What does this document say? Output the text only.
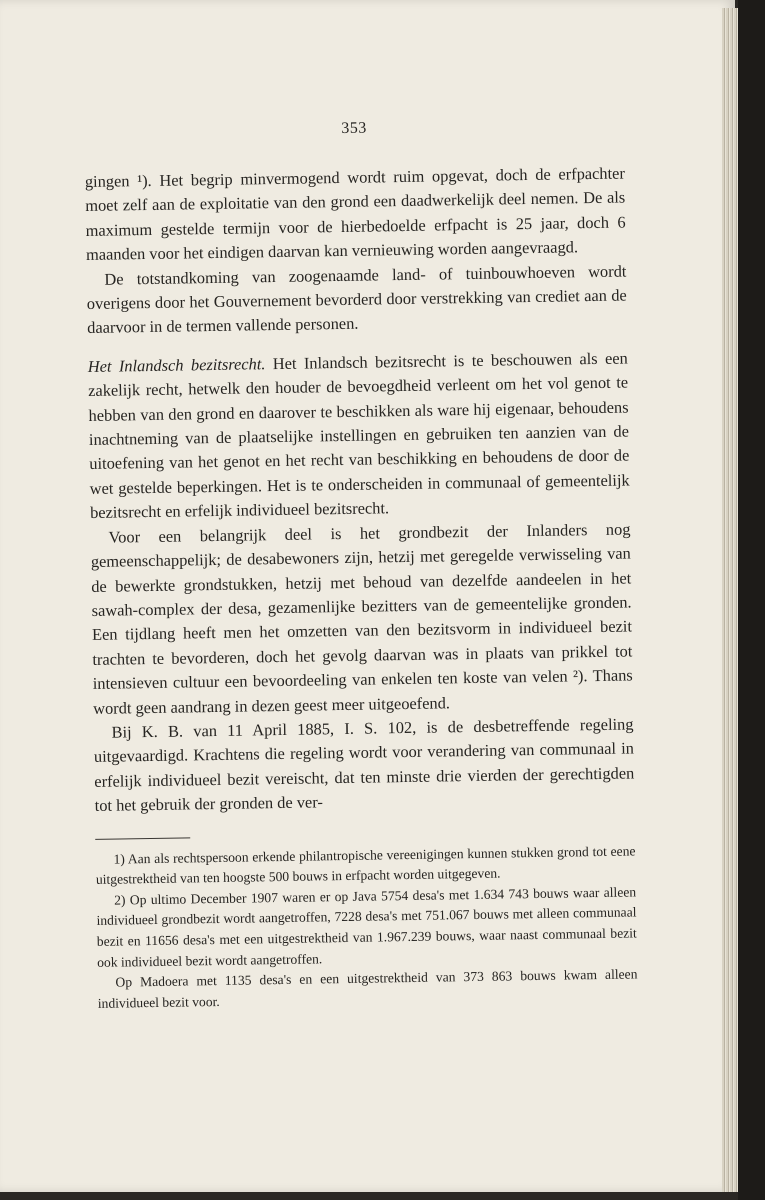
353

gingen ¹). Het begrip minvermogend wordt ruim opgevat, doch de erfpachter moet zelf aan de exploitatie van den grond een daadwerkelijk deel nemen. De als maximum gestelde termijn voor de hierbedoelde erfpacht is 25 jaar, doch 6 maanden voor het eindigen daarvan kan vernieuwing worden aangevraagd.

De totstandkoming van zoogenaamde land- of tuinbouwhoeven wordt overigens door het Gouvernement bevorderd door verstrekking van crediet aan de daarvoor in de termen vallende personen.

Het Inlandsch bezitsrecht. Het Inlandsch bezitsrecht is te beschouwen als een zakelijk recht, hetwelk den houder de bevoegdheid verleent om het vol genot te hebben van den grond en daarover te beschikken als ware hij eigenaar, behoudens inachtneming van de plaatselijke instellingen en gebruiken ten aanzien van de uitoefening van het genot en het recht van beschikking en behoudens de door de wet gestelde beperkingen. Het is te onderscheiden in communaal of gemeentelijk bezitsrecht en erfelijk individueel bezitsrecht.

Voor een belangrijk deel is het grondbezit der Inlanders nog gemeenschappelijk; de desabewoners zijn, hetzij met geregelde verwisseling van de bewerkte grondstukken, hetzij met behoud van dezelfde aandeelen in het sawah-complex der desa, gezamenlijke bezitters van de gemeentelijke gronden. Een tijdlang heeft men het omzetten van den bezitsvorm in individueel bezit trachten te bevorderen, doch het gevolg daarvan was in plaats van prikkel tot intensieven cultuur een bevoordeeling van enkelen ten koste van velen ²). Thans wordt geen aandrang in dezen geest meer uitgeoefend.

Bij K. B. van 11 April 1885, I. S. 102, is de desbetreffende regeling uitgevaardigd. Krachtens die regeling wordt voor verandering van communaal in erfelijk individueel bezit vereischt, dat ten minste drie vierden der gerechtigden tot het gebruik der gronden de ver-

1) Aan als rechtspersoon erkende philantropische vereenigingen kunnen stukken grond tot eene uitgestrektheid van ten hoogste 500 bouws in erfpacht worden uitgegeven.

2) Op ultimo December 1907 waren er op Java 5754 desa's met 1.634 743 bouws waar alleen individueel grondbezit wordt aangetroffen, 7228 desa's met 751.067 bouws met alleen communaal bezit en 11656 desa's met een uitgestrektheid van 1.967.239 bouws, waar naast communaal bezit ook individueel bezit wordt aangetroffen.

Op Madoera met 1135 desa's en een uitgestrektheid van 373 863 bouws kwam alleen individueel bezit voor.
